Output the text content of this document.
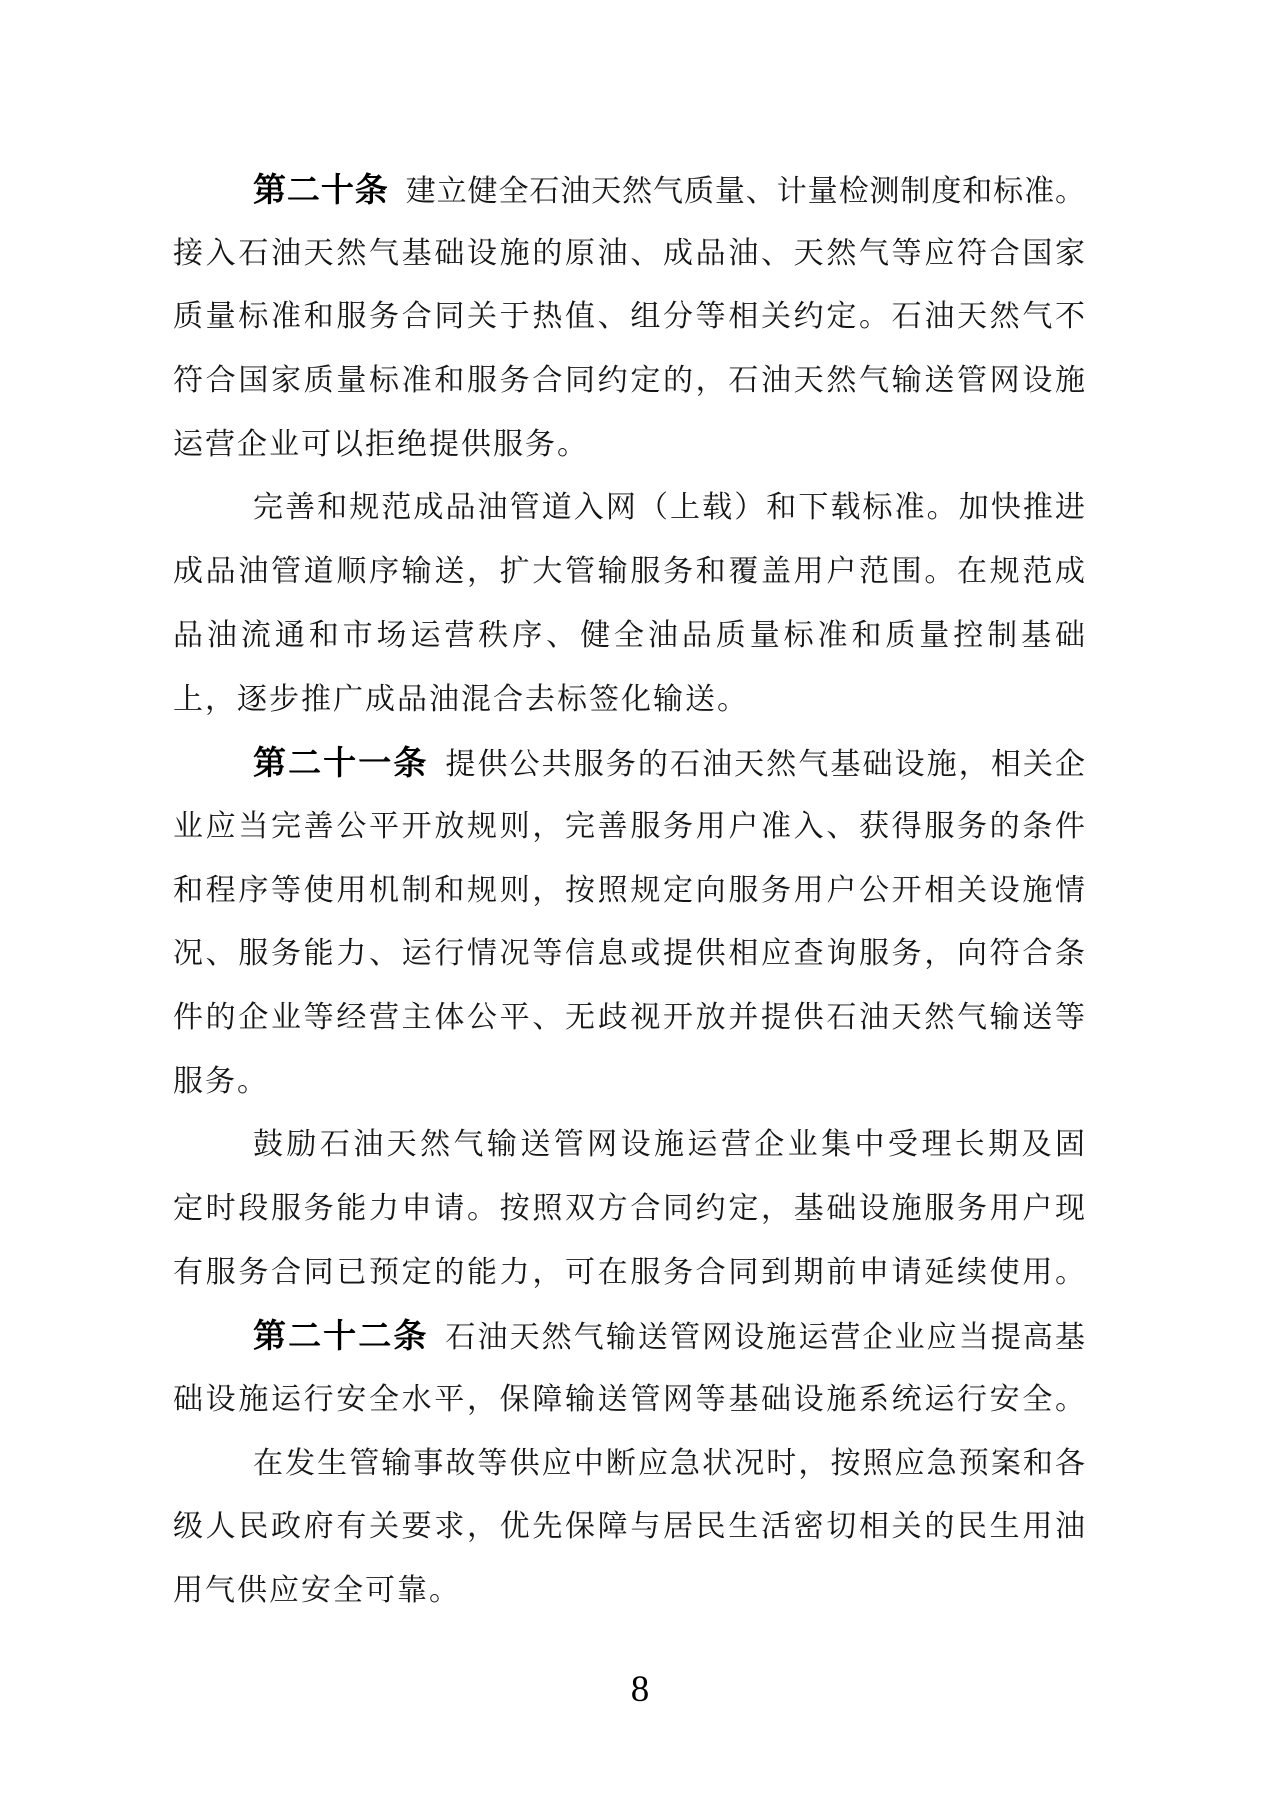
第二十条 建立健全石油天然气质量、计量检测制度和标准。
接入石油天然气基础设施的原油、成品油、天然气等应符合国家
质量标准和服务合同关于热值、组分等相关约定。石油天然气不
符合国家质量标准和服务合同约定的，石油天然气输送管网设施
运营企业可以拒绝提供服务。
完善和规范成品油管道入网（上载）和下载标准。加快推进
成品油管道顺序输送，扩大管输服务和覆盖用户范围。在规范成
品油流通和市场运营秩序、健全油品质量标准和质量控制基础
上，逐步推广成品油混合去标签化输送。
第二十一条 提供公共服务的石油天然气基础设施，相关企
业应当完善公平开放规则，完善服务用户准入、获得服务的条件
和程序等使用机制和规则，按照规定向服务用户公开相关设施情
况、服务能力、运行情况等信息或提供相应查询服务，向符合条
件的企业等经营主体公平、无歧视开放并提供石油天然气输送等
服务。
鼓励石油天然气输送管网设施运营企业集中受理长期及固
定时段服务能力申请。按照双方合同约定，基础设施服务用户现
有服务合同已预定的能力，可在服务合同到期前申请延续使用。
第二十二条 石油天然气输送管网设施运营企业应当提高基
础设施运行安全水平，保障输送管网等基础设施系统运行安全。
在发生管输事故等供应中断应急状况时，按照应急预案和各
级人民政府有关要求，优先保障与居民生活密切相关的民生用油
用气供应安全可靠。
8
